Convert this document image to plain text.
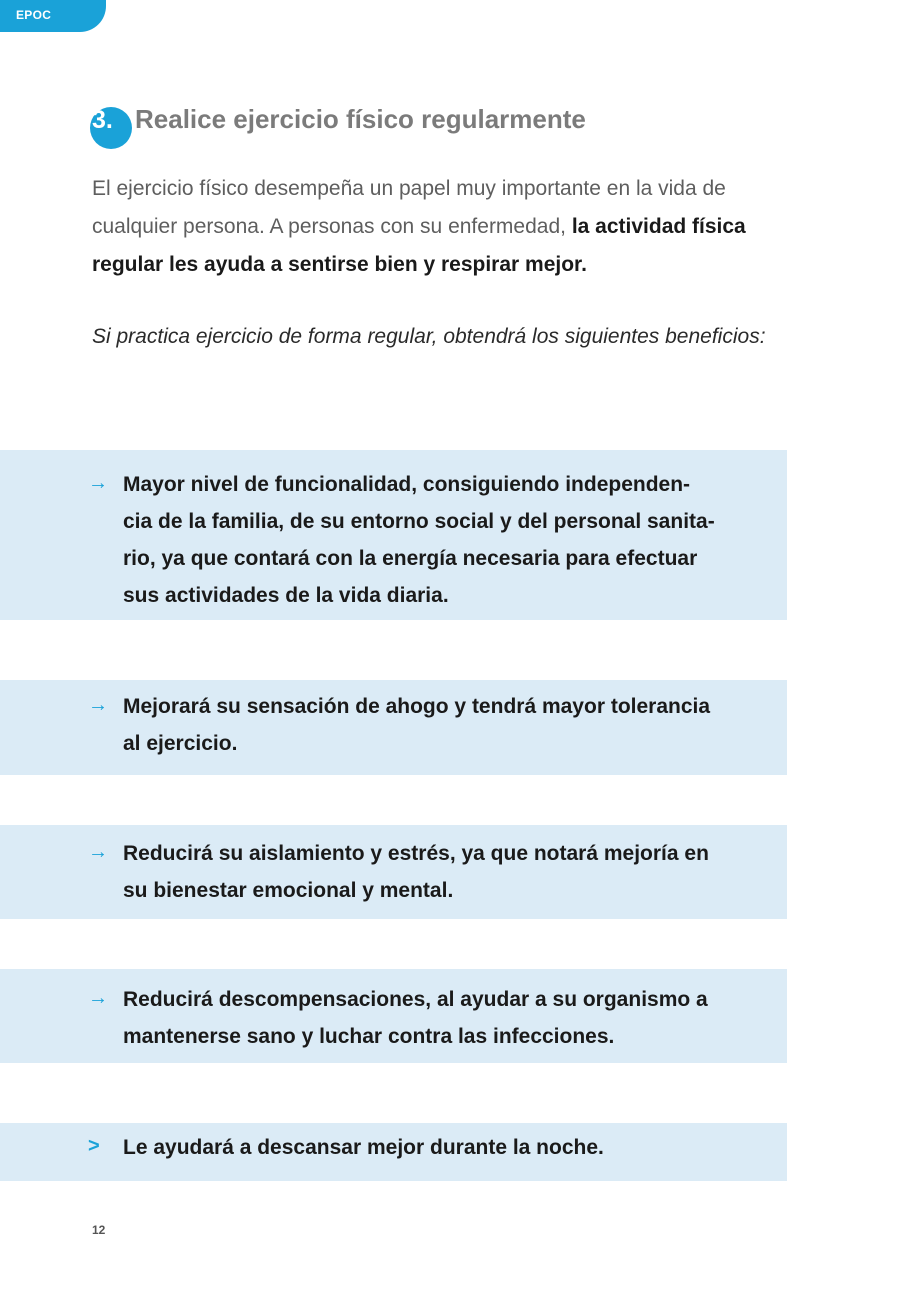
EPOC
3. Realice ejercicio físico regularmente

El ejercicio físico desempeña un papel muy importante en la vida de cualquier persona. A personas con su enfermedad, la actividad física regular les ayuda a sentirse bien y respirar mejor.

Si practica ejercicio de forma regular, obtendrá los siguientes beneficios:

→ Mayor nivel de funcionalidad, consiguiendo independen-
cia de la familia, de su entorno social y del personal sanita-
rio, ya que contará con la energía necesaria para efectuar
sus actividades de la vida diaria.
→ Mejorará su sensación de ahogo y tendrá mayor tolerancia
al ejercicio.
→ Reducirá su aislamiento y estrés, ya que notará mejoría en
su bienestar emocional y mental.
→ Reducirá descompensaciones, al ayudar a su organismo a
mantenerse sano y luchar contra las infecciones.
> Le ayudará a descansar mejor durante la noche.
12
